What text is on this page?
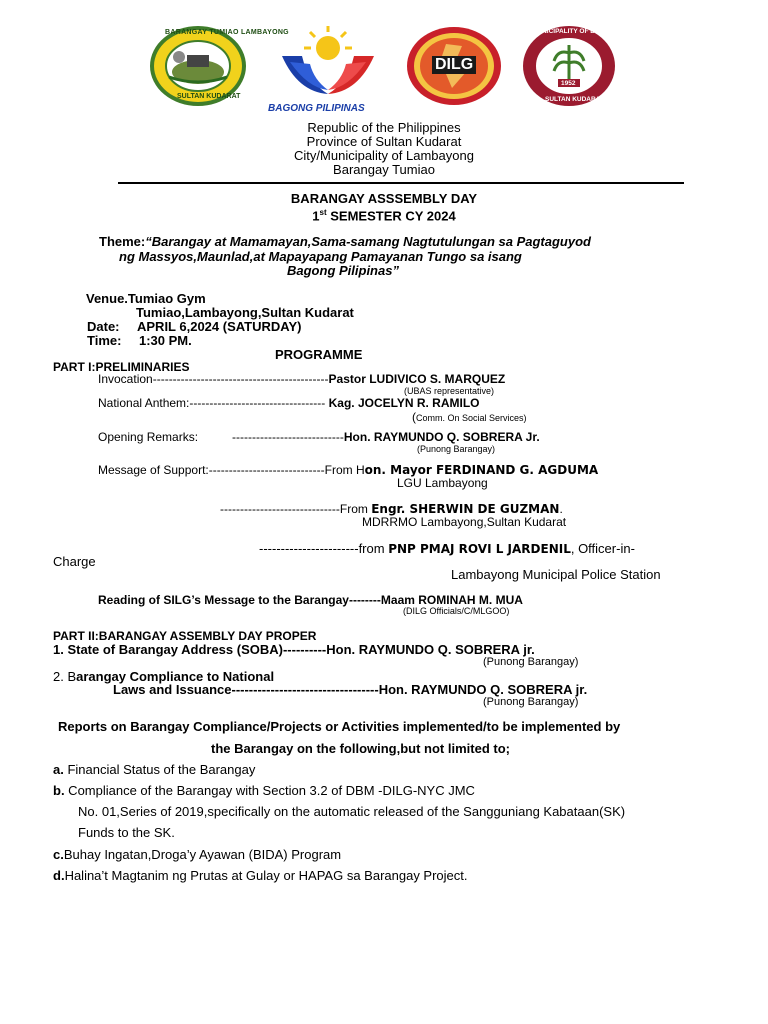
BARANGAY TUMIAO LAMBAYONG
SULTAN KUDARAT
BAGONG PILIPINAS
DILG
MUNICIPALITY OF LAMBAYONG
1952
SULTAN KUDARAT
Republic of the Philippines
Province of Sultan Kudarat
City/Municipality of Lambayong
Barangay Tumiao
BARANGAY ASSSEMBLY DAY
1st SEMESTER CY 2024
Theme:“Barangay at Mamamayan,Sama-samang Nagtutulungan sa Pagtaguyod
ng Massyos,Maunlad,at Mapayapang Pamayanan Tungo sa isang
Bagong Pilipinas”
Venue.Tumiao Gym
Tumiao,Lambayong,Sultan Kudarat
Date: APRIL 6,2024 (SATURDAY)
Time: 1:30 PM.
PROGRAMME
PART I:PRELIMINARIES
Invocation--------------------------------------------Pastor LUDIVICO S. MARQUEZ
(UBAS representative)
National Anthem:---------------------------------- Kag. JOCELYN R. RAMILO
(Comm. On Social Services)
Opening Remarks:	----------------------------Hon. RAYMUNDO Q. SOBRERA Jr.
(Punong Barangay)
Message of Support:-----------------------------From Hon. Mayor FERDINAND G. AGDUMA
LGU Lambayong
------------------------------From Engr. SHERWIN DE GUZMAN.
MDRRMO Lambayong,Sultan Kudarat
-----------------------from PNP PMAJ ROVI L JARDENIL, Officer-in-
Charge
Lambayong Municipal Police Station
Reading of SILG’s Message to the Barangay--------Maam ROMINAH M. MUA
(DILG Officials/C/MLGOO)
PART II:BARANGAY ASSEMBLY DAY PROPER
1. State of Barangay Address (SOBA)----------Hon. RAYMUNDO Q. SOBRERA jr.
(Punong Barangay)
2. Barangay Compliance to National
Laws and Issuance----------------------------------Hon. RAYMUNDO Q. SOBRERA jr.
(Punong Barangay)
Reports on Barangay Compliance/Projects or Activities implemented/to be implemented by
the Barangay on the following,but not limited to;
a. Financial Status of the Barangay
b. Compliance of the Barangay with Section 3.2 of DBM -DILG-NYC JMC
No. 01,Series of 2019,specifically on the automatic released of the Sangguniang Kabataan(SK)
Funds to the SK.
c.Buhay Ingatan,Droga’y Ayawan (BIDA) Program
d.Halina’t Magtanim ng Prutas at Gulay or HAPAG sa Barangay Project.
